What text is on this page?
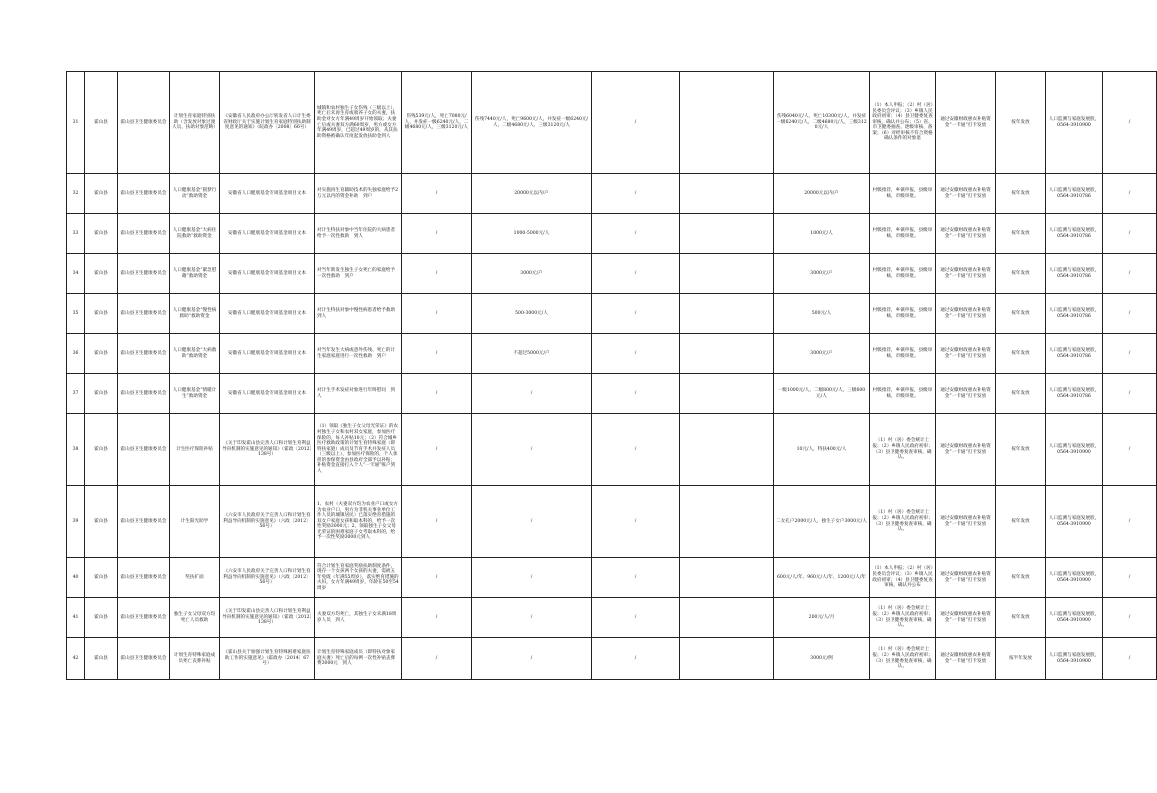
31	霍山县	霍山县卫生健康委员会	计划生育家庭特别扶助（含发放对象过渡人员、扶助对象范畴）	《安徽省人民政府办公厅转发省人口计生委省财政厅关于实施计划生育家庭特别扶助制度意见的通知》（皖政办〔2008〕66号）	城镇和农村独生子女伤残（三级以上），死亡后未再生育或收养子女的夫妻，扶助金对女方年满49周岁开始领取；夫妻亡后或夫妻双方满60周岁，男方或女方年满49周岁，已超过49周岁的，从其扶助资格被确认年度起发放扶助金到人	伤残539元/人，死亡7080元/人，并发症一级6240元/人，二级4680元/人，三级3120元/人	伤残7440元/人，死亡9600元/人，并发症一级6240元/人，二级4680元/人，三级3120元/人	/		伤残6040元/人，死亡10300元/人，并发症一级6240元/人，二级4680元/人，三级3120元/人	（1）本人申报；（2）村（居）民委员会评议；（3）乡镇人民政府初审；（4）县卫健委复查审核，确认并公布；（5）省、市卫健委抽查、逐级审核、备案；（6）对经审核不符合资格确认条件的对象退	通过安徽财政惠农补贴资金“一卡通”打卡发放	按年发放	人口监测与家庭发展股，0564-3910900	/
32	霍山县	霍山县卫生健康委员会	人口健康基金“圆梦行动”救助资金	安徽省人口健康基金专项基金项目文本	对实施再生育辅助技术的失独家庭给予2万元以内的资金补助　到户	/	20000元以内/户	/		20000元以内/户	村级推荐，乡镇申报，县级审核，市级审批。	通过安徽财政惠农补贴资金“一卡通”打卡发放	按年发放	人口监测与家庭发展股，0564-3910786	/
33	霍山县	霍山县卫生健康委员会	人口健康基金“大病住院救助”救助资金	安徽省人口健康基金专项基金项目文本	对计生特扶对象中当年住院的大病患者给予一次性救助　到人	/	1000-5000元/人	/		1000元/人	村级推荐，乡镇申报，县级审核，市级审批。	通过安徽财政惠农补贴资金“一卡通”打卡发放	按年发放	人口监测与家庭发展股，0564-3910786	/
34	霍山县	霍山县卫生健康委员会	人口健康基金“紧急慰藉”救助资金	安徽省人口健康基金专项基金项目文本	对当年新发生独生子女死亡的家庭给予一次性救助　到户	/	3000元/户	/		3000元/户	村级推荐，乡镇申报，县级审核，市级审批。	通过安徽财政惠农补贴资金“一卡通”打卡发放	按年发放	人口监测与家庭发展股，0564-3910786	/
35	霍山县	霍山县卫生健康委员会	人口健康基金“慢性病救助”救助资金	安徽省人口健康基金专项基金项目文本	对计生特扶对象中慢性病患者给予救助　到人	/	500-3000元/人	/		500元/人	村级推荐，乡镇申报，县级审核，市级审批。	通过安徽财政惠农补贴资金“一卡通”打卡发放	按年发放	人口监测与家庭发展股，0564-3910786	/
36	霍山县	霍山县卫生健康委员会	人口健康基金“大病救助”救助资金	安徽省人口健康基金专项基金项目文本	对当年发生大病或意外伤残、死亡的计生家庭家庭进行一次性救助　到户	/	不超过5000元/户	/		3000元/户	村级推荐，乡镇申报，县级审核，市级审批。	通过安徽财政惠农补贴资金“一卡通”打卡发放	按年发放	人口监测与家庭发展股，0564-3910786	/
37	霍山县	霍山县卫生健康委员会	人口健康基金“情暖计生”救助资金	安徽省人口健康基金专项基金项目文本	对计生手术发症对象进行年终慰问　到人	/	/	/		一级1000元/人，二级800元/人，三级600元/人	村级推荐，乡镇申报，县级审核，市级审批。	通过安徽财政惠农补贴资金“一卡通”打卡发放	按年发放	人口监测与家庭发展股，0564-3910786	/
38	霍山县	霍山县卫生健康委员会	计生医疗保险补贴	《关于印发霍山县完善人口和计划生育利益导向机制的实施意见的通知》（霍政〔2012〕138号）	（1）领取《独生子女父母光荣证》的农村独生子女和农村双女家庭，参加医疗保险的，每人补贴10元；（2）符合城乡医疗救助政策的计划生育特殊家庭（即特扶家庭）成员及节育手术并发症人员（三级以上），参加医疗保险的，个人承担的参保资金由县政府全部予以补贴；补贴资金直接打入个人“一卡通”账户到人	/	/	/		10元/人，特扶400元/人	（1）村（居）委会统计上报；（2）乡镇人民政府初审；（3）县卫健委复查审核，确认。	通过安徽财政惠农补贴资金“一卡通”打卡发放	按年发放	人口监测与家庭发展股，0564-3910900	/
39	霍山县	霍山县卫生健康委员会	计生阳光助学	《六安市人民政府关于完善人口和计划生育利益导向机制的实施意见》（六政〔2012〕56号）	1、农村（夫妻双方均为农业户口或女方为农业户口，男方为非机关事业单位工作人员的城镇居民）已落实绝育措施的双女户家庭女孩和取本科的，给予一次性奖励3000元；2、领取独生子女父母光荣证的困难家庭子女考取本科的，给予一次性奖励3000元到人	/	/	/		二女孔户2000元/人，独生子女户3000元/人	（1）村（居）委会统计上报；（2）乡镇人民政府初审；（3）县卫健委复查审核，确认。	通过安徽财政惠农补贴资金“一卡通”打卡发放	按年发放	人口监测与家庭发展股，0564-3910900	/
40	霍山县	霍山县卫生健康委员会	奖扶扩面	《六安市人民政府关于完善人口和计划生育利益导向机制的实施意见》（六政〔2012〕56号）	符合计划生育家庭奖励扶助制度条件，现存一个女孩两个女孩的夫妻，需被五年免既（年满55周岁），落实绝育措施的夫妇，女方年满49周岁，年龄在50至54周岁	/	/	/		600元/人/年、960元/人/年、1200元/人/年	（1）本人申报；（2）村（居）民委员会评议；（3）乡镇人民政府初审；（4）县卫健委复查审核，确认并公布	通过安徽财政惠农补贴资金“一卡通”打卡发放	按年发放	人口监测与家庭发展股，0564-3910900	/
41	霍山县	霍山县卫生健康委员会	独生子女父母双方均死亡人员救助	《关于印发霍山县完善人口和计划生育利益导向机制的实施意见的通知》（霍政〔2012〕138号）	夫妻双方均死亡，其独生子女未满18周岁人员　到人	/	/	/		200元/人/月	（1）村（居）委会统计上报；（2）乡镇人民政府初审；（3）县卫健委复查审核，确认。	通过安徽财政惠农补贴资金“一卡通”打卡发放	按年发放	人口监测与家庭发展股，0564-3910900	/
42	霍山县	霍山县卫生健康委员会	计划生育特殊家庭成员死亡丧葬补贴	《霍山县关于加强计划生育特殊困难家庭扶助工作的实施意见》（霍政办〔2014〕67号）	计划生育特殊家庭成员（即特扶对象家庭夫妻）死亡后的每例一次性补贴丧葬费3000元　到人	/	/	/		3000元/例	（1）村（居）委会统计上报；（2）乡镇人民政府初审；（3）县卫健委复查审核，确认。	通过安徽财政惠农补贴资金“一卡通”打卡发放	按半年发放	人口监测与家庭发展股，0564-3910900	/
